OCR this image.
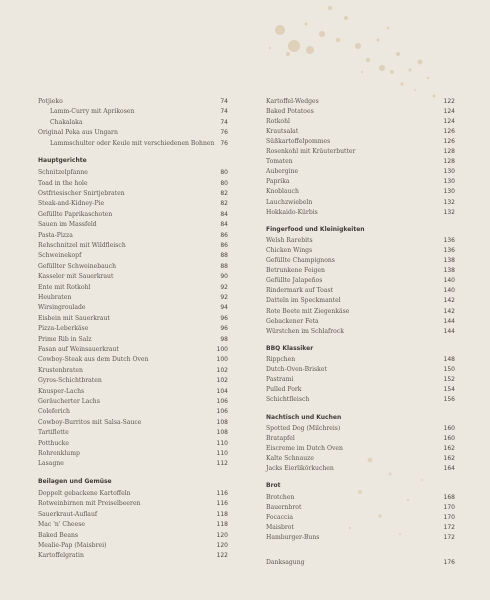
Potjieko	74
Lamm-Curry mit Aprikosen	74
Chakalaka	74
Original Peka aus Ungarn	76
Lammschulter oder Keule mit verschiedenen Bohnen 76
Hauptgerichte
Schnitzelpfanne	80
Toad in the hole	80
Ostfriesischer Snirtjebraten	82
Steak-and-Kidney-Pie	82
Gefüllte Paprikaschoten	84
Sauen im Massfeld	84
Pasta-Pizza	86
Rehschnitzel mit Wildfleisch	86
Schweinekopf	88
Gefüllter Schweinebauch	88
Kasseler mit Sauerkraut	90
Ente mit Rotkohl	92
Heubraten	92
Wirsingroulade	94
Eisbein mit Sauerkraut	96
Pizza-Leberkäse	96
Prime Rib in Salz	98
Fasan auf Weinsauerkraut	100
Cowboy-Steak aus dem Dutch Oven	100
Krustenbraten	102
Gyros-Schichtbraten	102
Knusper-Lachs	104
Geräucherter Lachs	106
Coleferich	106
Cowboy-Burritos mit Salsa-Sauce	108
Tartiflette	108
Potthucke	110
Rohrenklump	110
Lasagne	112
Beilagen und Gemüse
Doppelt gebackene Kartoffeln	116
Rotweinbirnen mit Preiselbeeren	116
Sauerkraut-Auflauf	118
Mac 'n' Cheese	118
Baked Beans	120
Mealie-Pap (Maisbrei)	120
Kartoffelgratin	122
Kartoffel-Wedges	122
Baked Potatoes	124
Rotkohl	124
Krautsalat	126
Süßkartoffelpommes	126
Rosenkohl mit Kräuterbutter	128
Tomaten	128
Aubergine	130
Paprika	130
Knoblauch	130
Lauchzwiebeln	132
Hokkaido-Kürbis	132
Fingerfood und Kleinigkeiten
Welsh Rarebits	136
Chicken Wings	136
Gefüllte Champignons	138
Betrunkene Feigen	138
Gefüllte Jalapeños	140
Rindermark auf Toast	140
Datteln im Speckmantel	142
Rote Beete mit Ziegenkäse	142
Gebackener Feta	144
Würstchen im Schlafrock	144
BBQ Klassiker
Rippchen	148
Dutch-Oven-Brisket	150
Pastrami	152
Pulled Pork	154
Schichtfleisch	156
Nachtisch und Kuchen
Spotted Dog (Milchreis)	160
Bratapfel	160
Eiscreme im Dutch Oven	162
Kalte Schnauze	162
Jacks Eierlikörkuchen	164
Brot
Brotchen	168
Bauernbrot	170
Focaccia	170
Maisbrot	172
Hamburger-Buns	172
Danksagung	176
